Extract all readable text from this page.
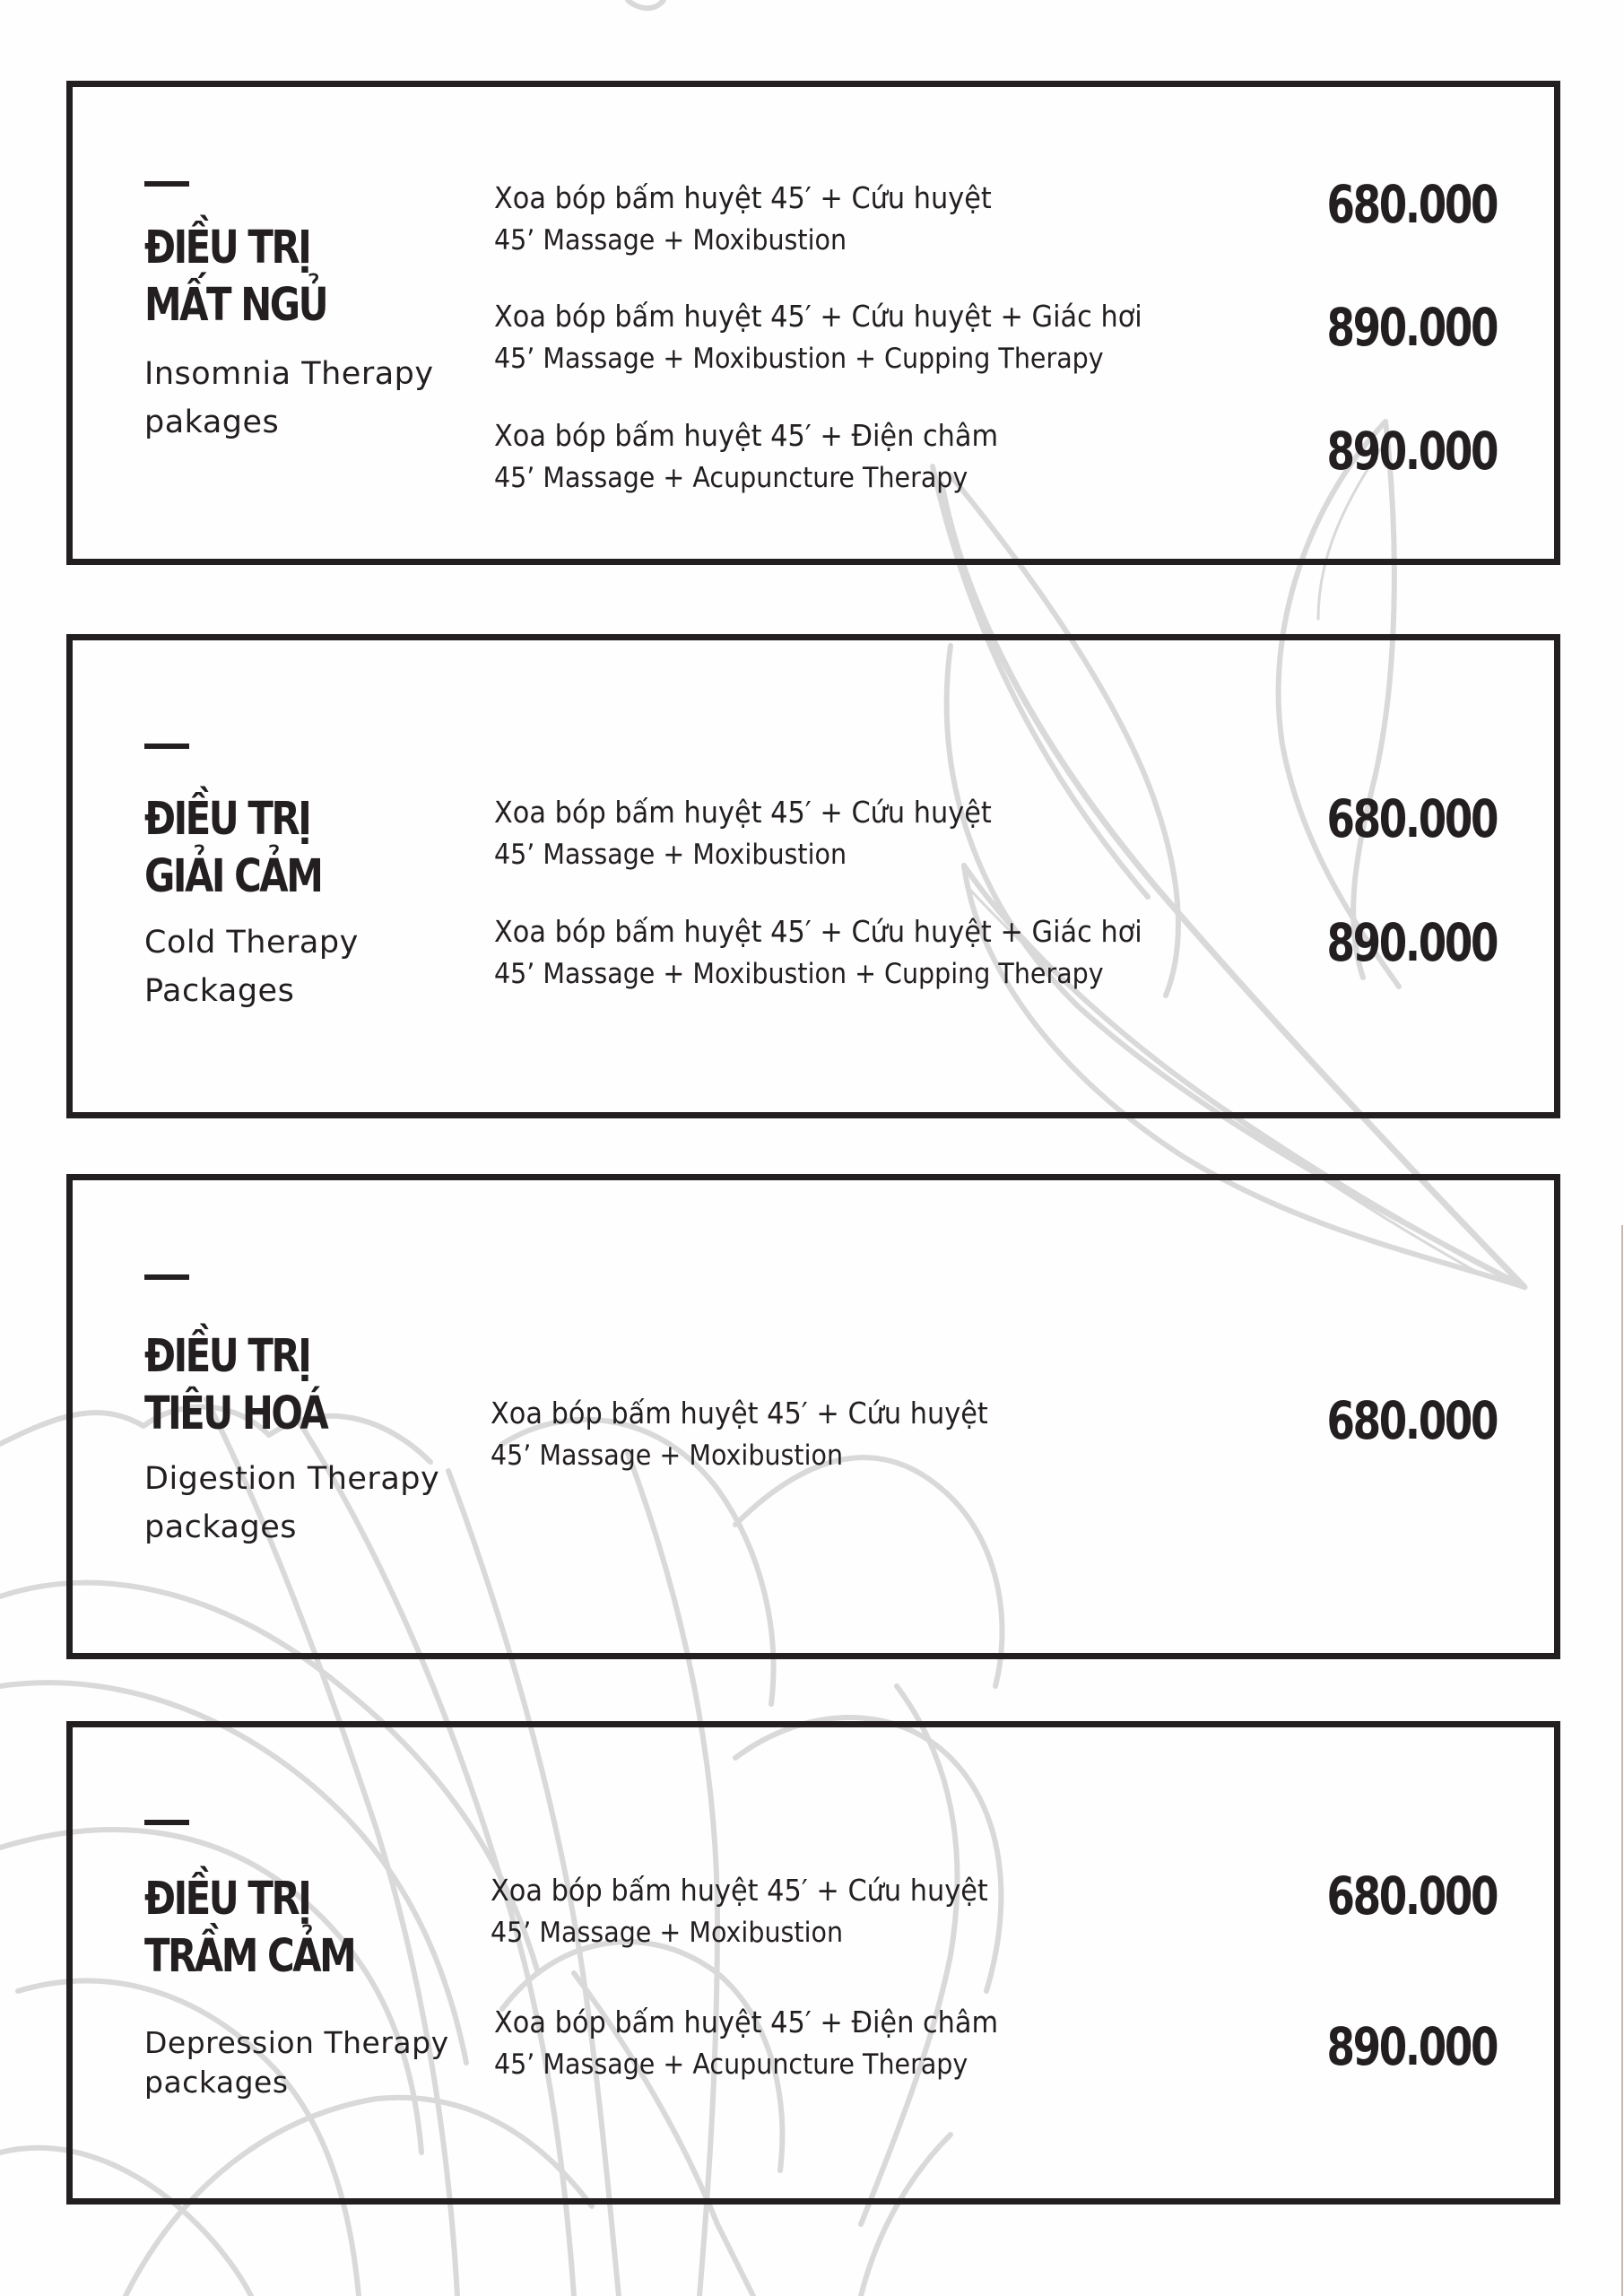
ĐIỀU TRỊ
MẤT NGỦ

Insomnia Therapy
pakages

Xoa bóp bấm huyệt 45′ + Cứu huyệt
45’ Massage + Moxibustion
680.000
Xoa bóp bấm huyệt 45′ + Cứu huyệt + Giác hơi
45’ Massage + Moxibustion + Cupping Therapy
890.000
Xoa bóp bấm huyệt 45′ + Điện châm
45’ Massage + Acupuncture Therapy	890.000
ĐIỀU TRỊ
GIẢI CẢM

Cold Therapy
Packages

Xoa bóp bấm huyệt 45′ + Cứu huyệt
45’ Massage + Moxibustion
680.000
Xoa bóp bấm huyệt 45′ + Cứu huyệt + Giác hơi
45’ Massage + Moxibustion + Cupping Therapy
890.000
ĐIỀU TRỊ
TIÊU HOÁ

Digestion Therapy
packages

Xoa bóp bấm huyệt 45′ + Cứu huyệt
45’ Massage + Moxibustion
680.000
ĐIỀU TRỊ
TRẦM CẢM

Depression Therapy
packages

Xoa bóp bấm huyệt 45′ + Cứu huyệt
45’ Massage + Moxibustion
680.000
Xoa bóp bấm huyệt 45′ + Điện châm
45’ Massage + Acupuncture Therapy	890.000
